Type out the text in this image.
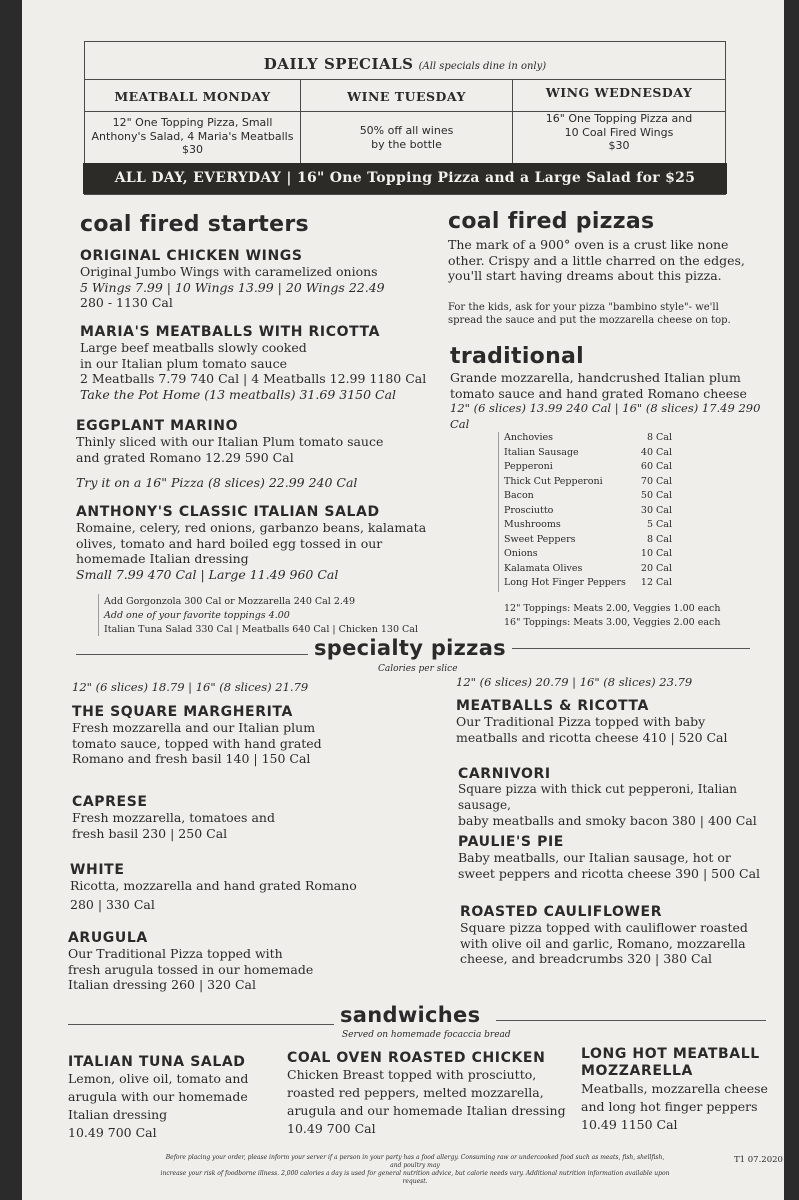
DAILY SPECIALS (All specials dine in only)
MEATBALL MONDAY
12" One Topping Pizza, Small
Anthony's Salad, 4 Maria's Meatballs
$30
WINE TUESDAY
50% off all wines
by the bottle
WING WEDNESDAY
16" One Topping Pizza and
10 Coal Fired Wings
$30
ALL DAY, EVERYDAY | 16" One Topping Pizza and a Large Salad for $25
coal fired starters
ORIGINAL CHICKEN WINGS
Original Jumbo Wings with caramelized onions
5 Wings 7.99 | 10 Wings 13.99 | 20 Wings 22.49
280 - 1130 Cal
MARIA'S MEATBALLS WITH RICOTTA
Large beef meatballs slowly cooked
in our Italian plum tomato sauce
2 Meatballs 7.79 740 Cal | 4 Meatballs 12.99 1180 Cal
Take the Pot Home (13 meatballs) 31.69 3150 Cal
EGGPLANT MARINO
Thinly sliced with our Italian Plum tomato sauce
and grated Romano 12.29 590 Cal
Try it on a 16" Pizza (8 slices) 22.99 240 Cal
ANTHONY'S CLASSIC ITALIAN SALAD
Romaine, celery, red onions, garbanzo beans, kalamata
olives, tomato and hard boiled egg tossed in our
homemade Italian dressing
Small 7.99 470 Cal | Large 11.49 960 Cal
Add Gorgonzola 300 Cal or Mozzarella 240 Cal 2.49
Add one of your favorite toppings 4.00
Italian Tuna Salad 330 Cal | Meatballs 640 Cal | Chicken 130 Cal
coal fired pizzas
The mark of a 900° oven is a crust like none
other. Crispy and a little charred on the edges,
you'll start having dreams about this pizza.
For the kids, ask for your pizza "bambino style"- we'll
spread the sauce and put the mozzarella cheese on top.
traditional
Grande mozzarella, handcrushed Italian plum
tomato sauce and hand grated Romano cheese
12" (6 slices) 13.99 240 Cal | 16" (8 slices) 17.49 290 Cal
Anchovies	8 Cal
Italian Sausage	40 Cal
Pepperoni	60 Cal
Thick Cut Pepperoni	70 Cal
Bacon	50 Cal
Prosciutto	30 Cal
Mushrooms	5 Cal
Sweet Peppers	8 Cal
Onions	10 Cal
Kalamata Olives	20 Cal
Long Hot Finger Peppers 12 Cal
12" Toppings: Meats 2.00, Veggies 1.00 each
16" Toppings: Meats 3.00, Veggies 2.00 each
specialty pizzas
Calories per slice
12" (6 slices) 18.79 | 16" (8 slices) 21.79	12" (6 slices) 20.79 | 16" (8 slices) 23.79
THE SQUARE MARGHERITA
Fresh mozzarella and our Italian plum
tomato sauce, topped with hand grated
Romano and fresh basil 140 | 150 Cal
CAPRESE
Fresh mozzarella, tomatoes and
fresh basil 230 | 250 Cal
WHITE
Ricotta, mozzarella and hand grated Romano
280 | 330 Cal
ARUGULA
Our Traditional Pizza topped with
fresh arugula tossed in our homemade
Italian dressing 260 | 320 Cal
MEATBALLS & RICOTTA
Our Traditional Pizza topped with baby
meatballs and ricotta cheese 410 | 520 Cal
CARNIVORI
Square pizza with thick cut pepperoni, Italian sausage,
baby meatballs and smoky bacon 380 | 400 Cal
PAULIE'S PIE
Baby meatballs, our Italian sausage, hot or
sweet peppers and ricotta cheese 390 | 500 Cal
ROASTED CAULIFLOWER
Square pizza topped with cauliflower roasted
with olive oil and garlic, Romano, mozzarella
cheese, and breadcrumbs 320 | 380 Cal
sandwiches
Served on homemade focaccia bread
ITALIAN TUNA SALAD
Lemon, olive oil, tomato and
arugula with our homemade
Italian dressing
10.49 700 Cal
COAL OVEN ROASTED CHICKEN
Chicken Breast topped with prosciutto,
roasted red peppers, melted mozzarella,
arugula and our homemade Italian dressing
10.49 700 Cal
LONG HOT MEATBALL
MOZZARELLA
Meatballs, mozzarella cheese
and long hot finger peppers
10.49 1150 Cal
Before placing your order, please inform your server if a person in your party has a food allergy. Consuming raw or undercooked food such as meats, fish, shellfish, and poultry may
increase your risk of foodborne illness. 2,000 calories a day is used for general nutrition advice, but calorie needs vary. Additional nutrition information available upon request.
T1 07.2020
